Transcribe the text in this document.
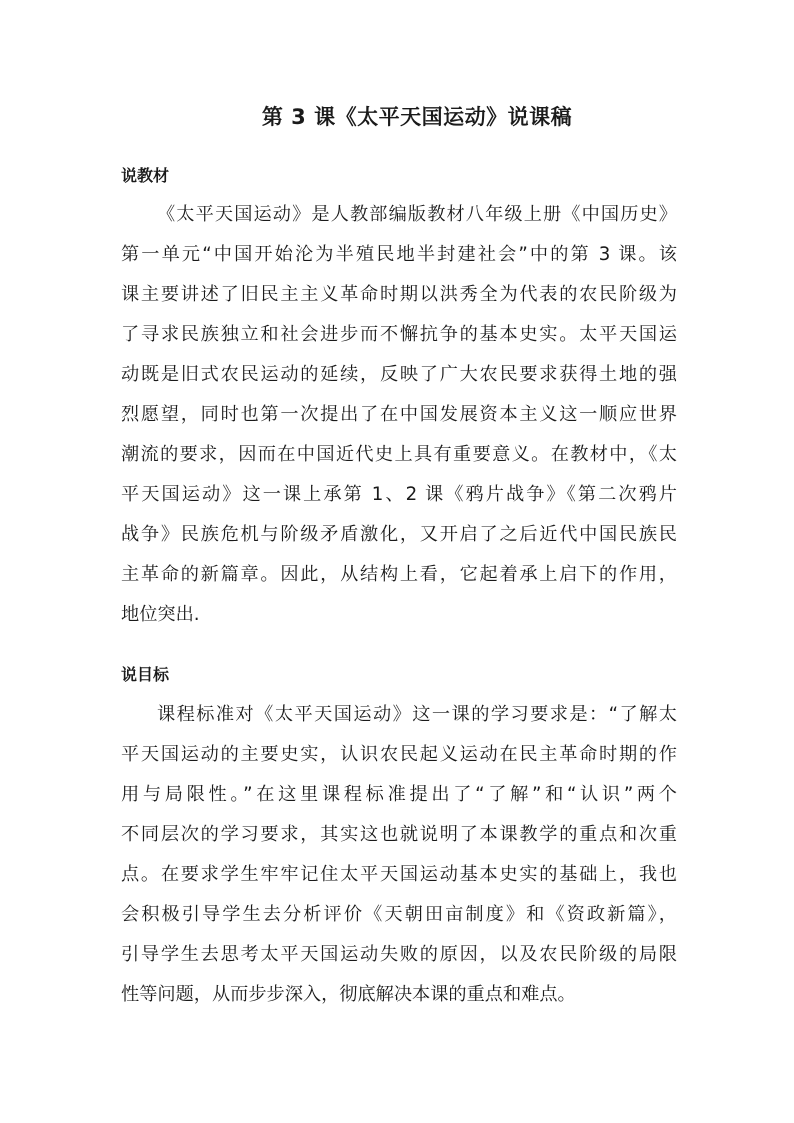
第 3 课《太平天国运动》说课稿
说教材
《太平天国运动》是人教部编版教材八年级上册《中国历史》
第一单元“中国开始沦为半殖民地半封建社会”中的第 3 课。该
课主要讲述了旧民主主义革命时期以洪秀全为代表的农民阶级为
了寻求民族独立和社会进步而不懈抗争的基本史实。太平天国运
动既是旧式农民运动的延续，反映了广大农民要求获得土地的强
烈愿望，同时也第一次提出了在中国发展资本主义这一顺应世界
潮流的要求，因而在中国近代史上具有重要意义。在教材中，《太
平天国运动》这一课上承第 1、2 课《鸦片战争》《第二次鸦片
战争》民族危机与阶级矛盾激化，又开启了之后近代中国民族民
主革命的新篇章。因此，从结构上看，它起着承上启下的作用，
地位突出.
说目标
课程标准对《太平天国运动》这一课的学习要求是：“了解太
平天国运动的主要史实，认识农民起义运动在民主革命时期的作
用与局限性。”在这里课程标准提出了“了解”和“认识”两个
不同层次的学习要求，其实这也就说明了本课教学的重点和次重
点。在要求学生牢牢记住太平天国运动基本史实的基础上，我也
会积极引导学生去分析评价《天朝田亩制度》和《资政新篇》，
引导学生去思考太平天国运动失败的原因，以及农民阶级的局限
性等问题，从而步步深入，彻底解决本课的重点和难点。
